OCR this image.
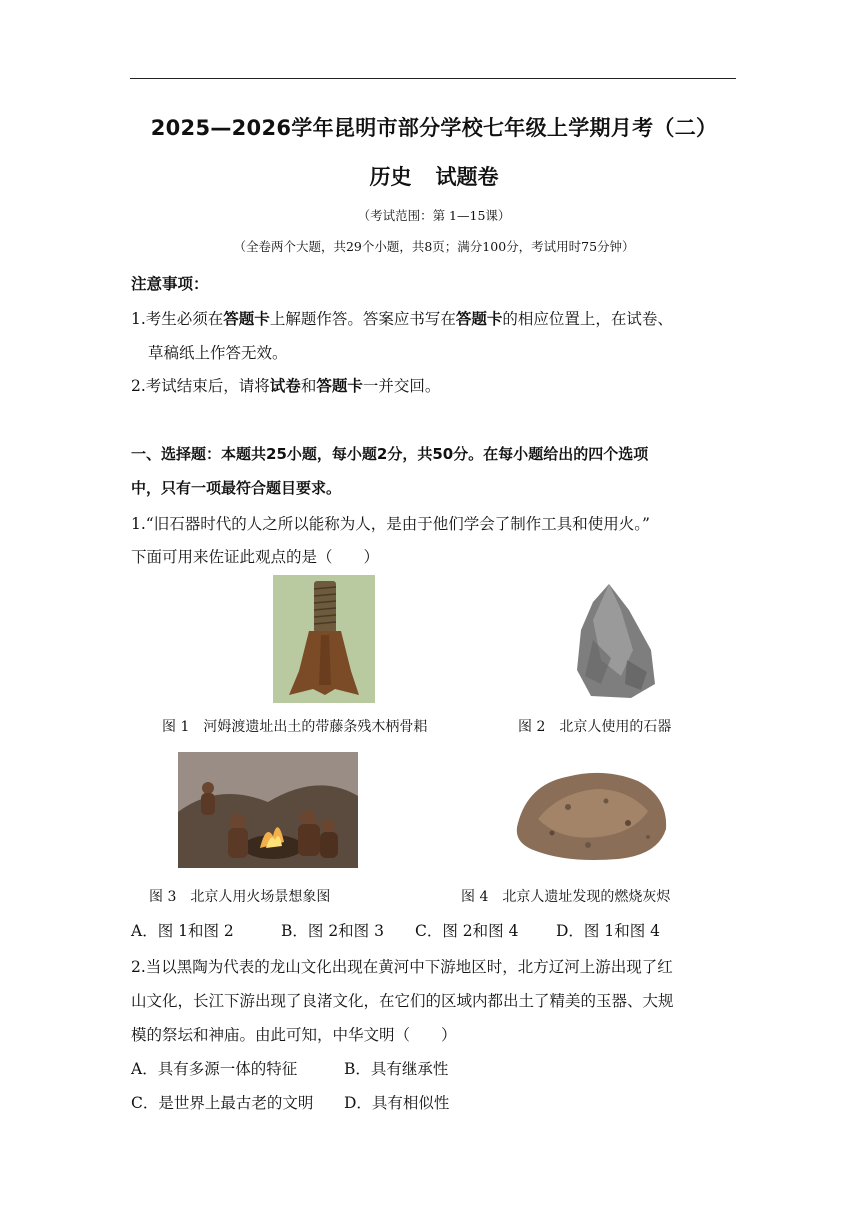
2025—2026学年昆明市部分学校七年级上学期月考（二）
历史 试题卷
（考试范围：第 1—15课）
（全卷两个大题，共29个小题，共8页；满分100分，考试用时75分钟）
注意事项：
1.考生必须在答题卡上解题作答。答案应书写在答题卡的相应位置上，在试卷、
草稿纸上作答无效。
2.考试结束后，请将试卷和答题卡一并交回。
一、选择题：本题共25小题，每小题2分，共50分。在每小题给出的四个选项
中，只有一项最符合题目要求。
1.“旧石器时代的人之所以能称为人，是由于他们学会了制作工具和使用火。”
下面可用来佐证此观点的是（　　）
图 1　河姆渡遗址出土的带藤条残木柄骨耜	图 2　北京人使用的石器
图 3　北京人用火场景想象图	图 4　北京人遗址发现的燃烧灰烬
A．图 1和图 2	B．图 2和图 3 C．图 2和图 4 D．图 1和图 4
2.当以黑陶为代表的龙山文化出现在黄河中下游地区时，北方辽河上游出现了红
山文化，长江下游出现了良渚文化，在它们的区域内都出土了精美的玉器、大规
模的祭坛和神庙。由此可知，中华文明（　　）
A．具有多源一体的特征	B．具有继承性
C．是世界上最古老的文明 D．具有相似性
